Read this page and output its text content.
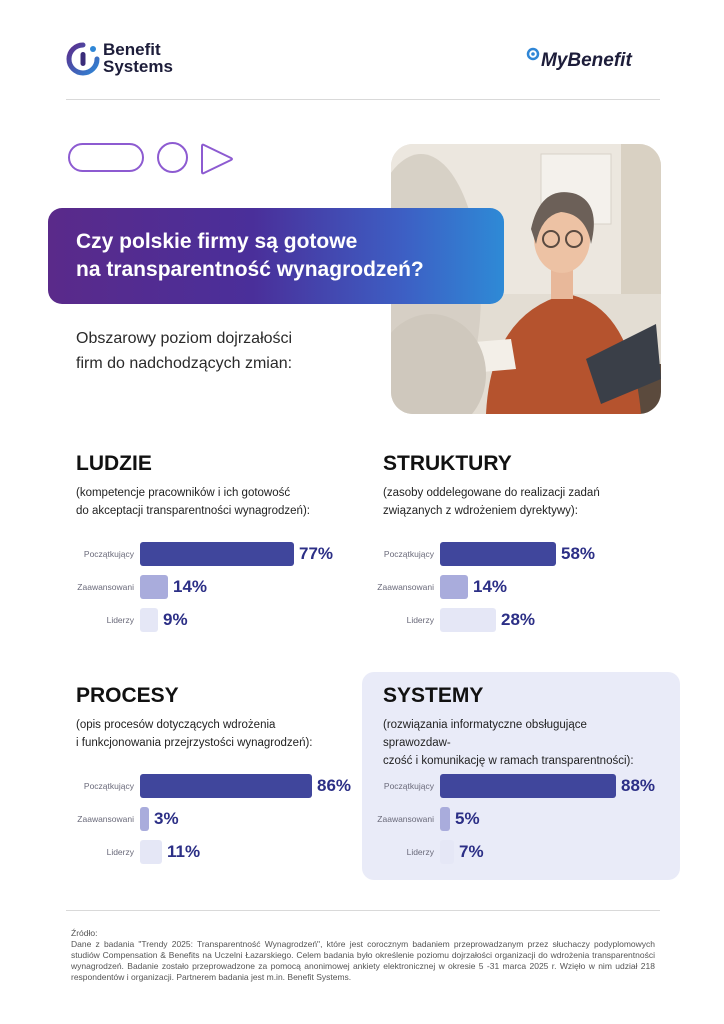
Benefit
Systems	MyBenefit
Czy polskie firmy są gotowe
na transparentność wynagrodzeń?
Obszarowy poziom dojrzałości
firm do nadchodzących zmian:
LUDZIE
(kompetencje pracowników i ich gotowość
do akceptacji transparentności wynagrodzeń):
Początkujący	77%
Zaawansowani 14%
Liderzy 9%
STRUKTURY
(zasoby oddelegowane do realizacji zadań
związanych z wdrożeniem dyrektywy):
Początkujący	58%
Zaawansowani 14%
Liderzy	28%
PROCESY
(opis procesów dotyczących wdrożenia
i funkcjonowania przejrzystości wynagrodzeń):
Początkujący	86%
Zaawansowani 3%
Liderzy 11%
SYSTEMY
(rozwiązania informatyczne obsługujące sprawozdaw-
czość i komunikację w ramach transparentności):
Początkujący	88%
Zaawansowani 5%
Liderzy 7%
Źródło:
Dane z badania "Trendy 2025: Transparentność Wynagrodzeń", które jest corocznym badaniem przeprowadzanym przez słuchaczy podyplomowych studiów Compensation & Benefits na Uczelni Łazarskiego. Celem badania było określenie poziomu dojrzałości organizacji do wdrożenia transparentności wynagrodzeń. Badanie zostało przeprowadzone za pomocą anonimowej ankiety elektronicznej w okresie 5 -31 marca 2025 r. Wzięło w nim udział 218 respondentów i organizacji. Partnerem badania jest m.in. Benefit Systems.
